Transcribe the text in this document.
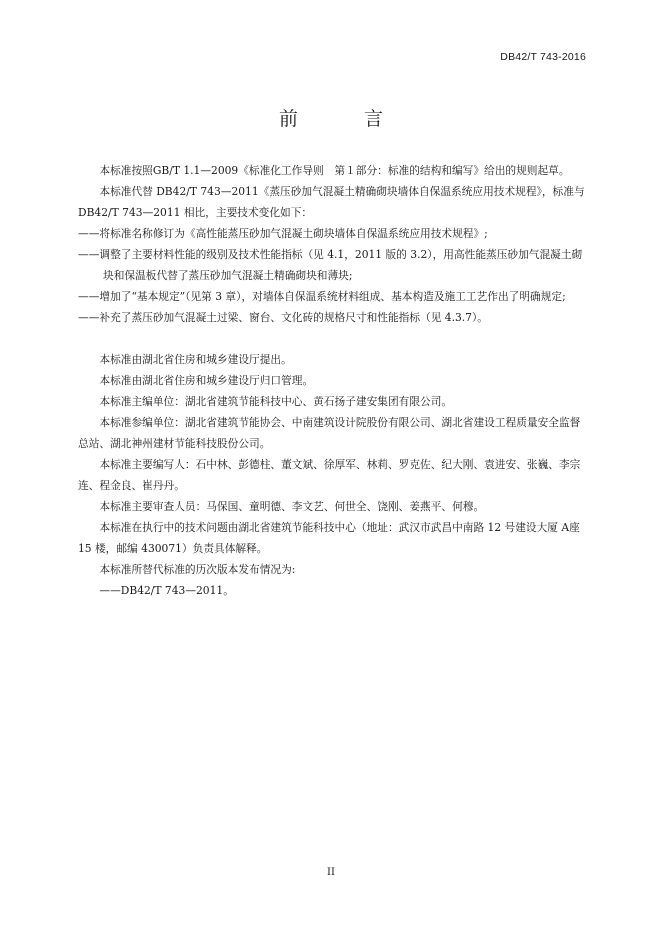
DB42/T 743-2016
前 言

本标准按照GB/T 1.1—2009《标准化工作导则　第１部分：标准的结构和编写》给出的规则起草。

本标准代替 DB42/T 743—2011《蒸压砂加气混凝土精确砌块墙体自保温系统应用技术规程》，标准与DB42/T 743—2011 相比，主要技术变化如下：

——将标准名称修订为《高性能蒸压砂加气混凝土砌块墙体自保温系统应用技术规程》;

——调整了主要材料性能的级别及技术性能指标（见 4.1，2011 版的 3.2），用高性能蒸压砂加气混凝土砌块和保温板代替了蒸压砂加气混凝土精确砌块和薄块;

——增加了“基本规定”（见第 3 章），对墙体自保温系统材料组成、基本构造及施工工艺作出了明确规定;

——补充了蒸压砂加气混凝土过梁、窗台、文化砖的规格尺寸和性能指标（见 4.3.7）。

本标准由湖北省住房和城乡建设厅提出。

本标准由湖北省住房和城乡建设厅归口管理。

本标准主编单位：湖北省建筑节能科技中心、黄石扬子建安集团有限公司。

本标准参编单位：湖北省建筑节能协会、中南建筑设计院股份有限公司、湖北省建设工程质量安全监督总站、湖北神州建材节能科技股份公司。

本标准主要编写人：石中林、彭德柱、董文斌、徐厚军、林莉、罗克佐、纪大刚、袁进安、张巍、李宗连、程金良、崔丹丹。

本标准主要审查人员：马保国、童明德、李文艺、何世全、饶刚、姜燕平、何穆。

本标准在执行中的技术问题由湖北省建筑节能科技中心（地址：武汉市武昌中南路 12 号建设大厦 A座 15 楼，邮编 430071）负责具体解释。

本标准所替代标准的历次版本发布情况为:

——DB42/T 743—2011。

II
